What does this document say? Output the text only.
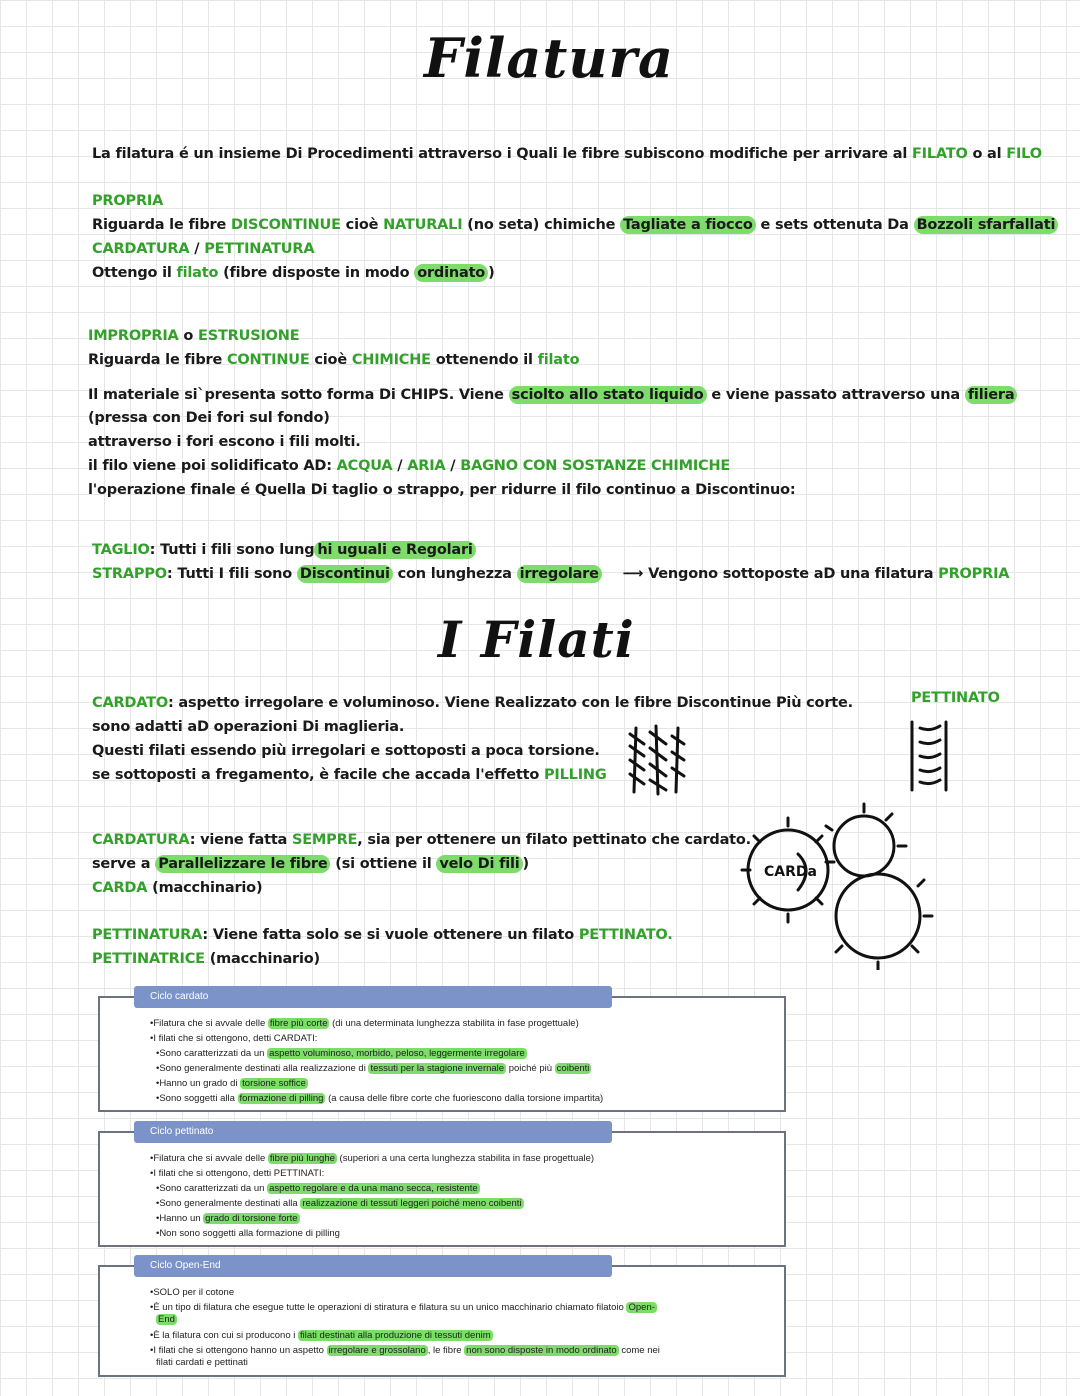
Filatura
I Filati
La filatura é un insieme Di Procedimenti attraverso i Quali le fibre subiscono modifiche per arrivare al FILATO o al FILO
PROPRIA
Riguarda le fibre DISCONTINUE cioè NATURALI (no seta) chimiche Tagliate a fiocco e sets ottenuta Da Bozzoli sfarfallati
CARDATURA / PETTINATURA
Ottengo il filato (fibre disposte in modo ordinato )
IMPROPRIA o ESTRUSIONE
Riguarda le fibre CONTINUE cioè CHIMICHE ottenendo il filato
Il materiale si`presenta sotto forma Di CHIPS. Viene sciolto allo stato liquido e viene passato attraverso una filiera
(pressa con Dei fori sul fondo)
attraverso i fori escono i fili molti.
il filo viene poi solidificato AD: ACQUA / ARIA / BAGNO CON SOSTANZE CHIMICHE
l'operazione finale é Quella Di taglio o strappo, per ridurre il filo continuo a Discontinuo:
TAGLIO: Tutti i fili sono lung hi uguali e Regolari
STRAPPO: Tutti I fili sono Discontinui con lunghezza irregolare ⟶ Vengono sottoposte aD una filatura PROPRIA
CARDATO: aspetto irregolare e voluminoso. Viene Realizzato con le fibre Discontinue Più corte.
sono adatti aD operazioni Di maglieria.
Questi filati essendo più irregolari e sottoposti a poca torsione.
se sottoposti a fregamento, è facile che accada l'effetto PILLING
PETTINATO
CARDATURA: viene fatta SEMPRE, sia per ottenere un filato pettinato che cardato.
serve a Parallelizzare le fibre (si ottiene il velo Di fili )
CARDA (macchinario)
CARDa
PETTINATURA: Viene fatta solo se si vuole ottenere un filato PETTINATO.
PETTINATRICE (macchinario)
Ciclo cardato
•Filatura che si avvale delle fibre più corte (di una determinata lunghezza stabilita in fase progettuale)
•I filati che si ottengono, detti CARDATI:
•Sono caratterizzati da un aspetto voluminoso, morbido, peloso, leggermente irregolare
•Sono generalmente destinati alla realizzazione di tessuti per la stagione invernale poiché più coibenti
•Hanno un grado di torsione soffice
•Sono soggetti alla formazione di pilling (a causa delle fibre corte che fuoriescono dalla torsione impartita)
Ciclo pettinato
•Filatura che si avvale delle fibre più lunghe (superiori a una certa lunghezza stabilita in fase progettuale)
•I filati che si ottengono, detti PETTINATI:
•Sono caratterizzati da un aspetto regolare e da una mano secca, resistente
•Sono generalmente destinati alla realizzazione di tessuti leggeri poiché meno coibenti
•Hanno un grado di torsione forte
•Non sono soggetti alla formazione di pilling
Ciclo Open-End
•SOLO per il cotone
•È un tipo di filatura che esegue tutte le operazioni di stiratura e filatura su un unico macchinario chiamato filatoio Open-
End
•È la filatura con cui si producono i filati destinati alla produzione di tessuti denim
•I filati che si ottengono hanno un aspetto irregolare e grossolano , le fibre non sono disposte in modo ordinato come nei
filati cardati e pettinati
